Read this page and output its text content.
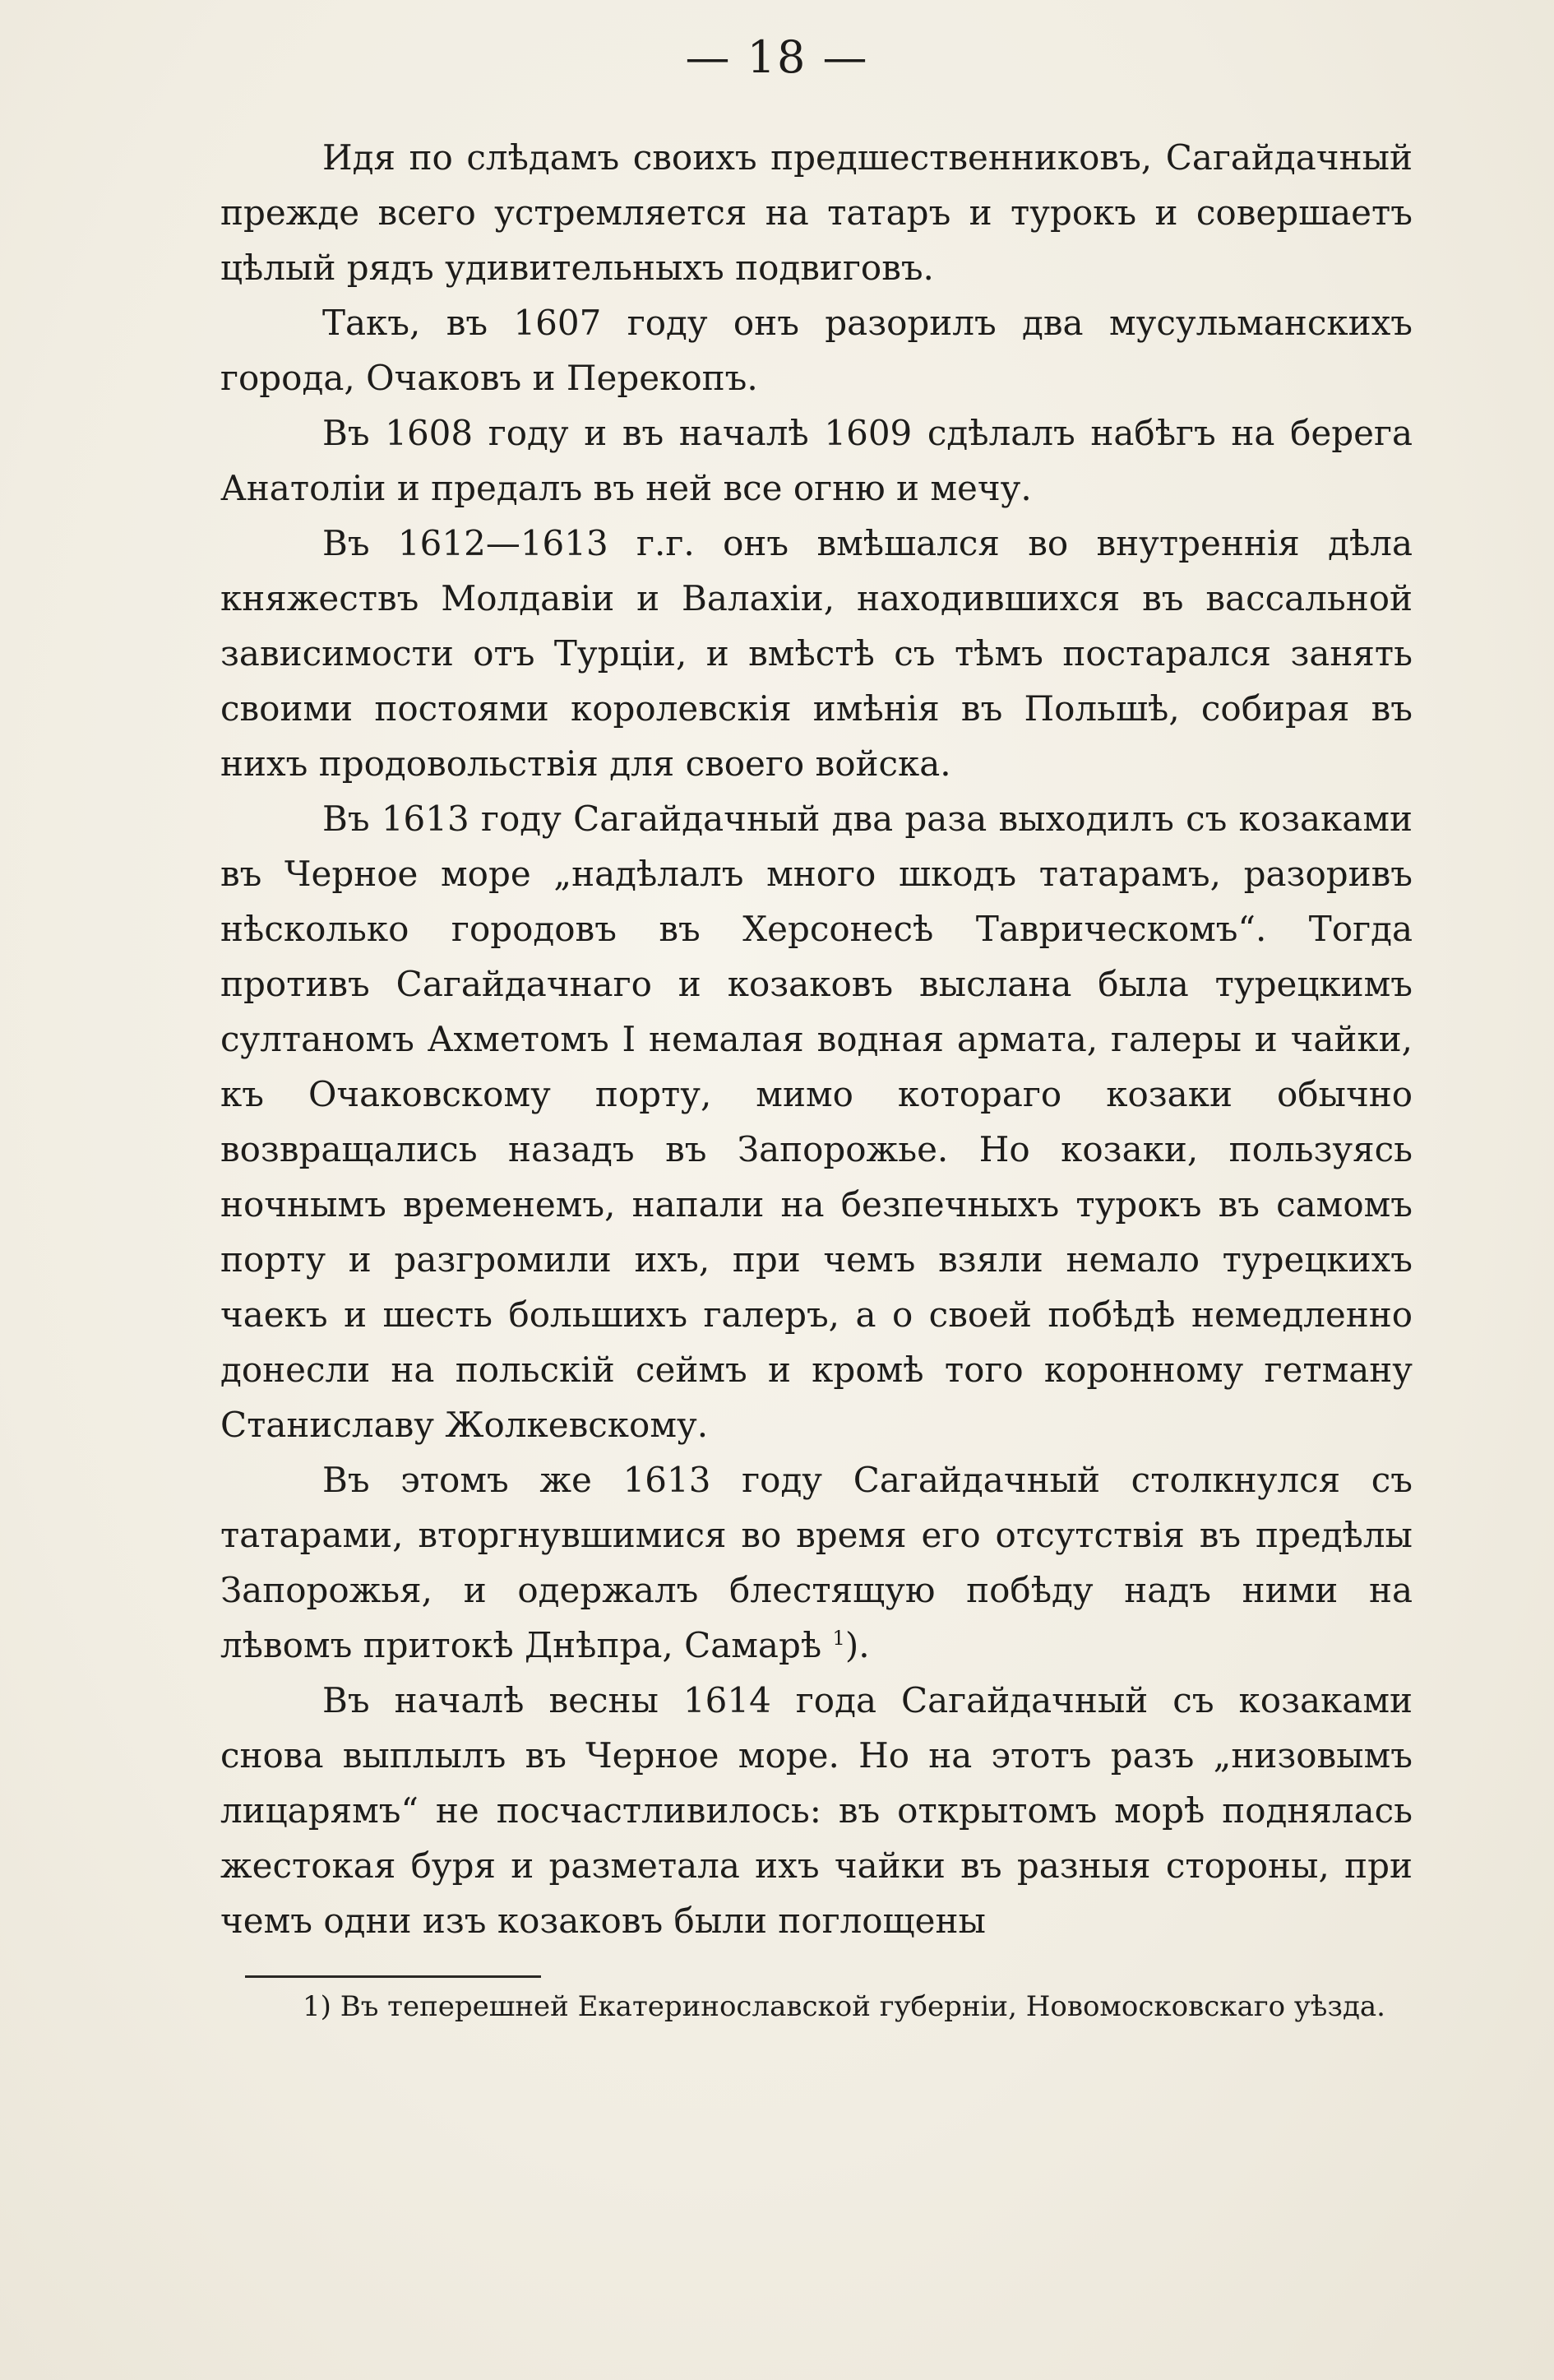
— 18 —

Идя по слѣдамъ своихъ предшественниковъ, Сагайдачный прежде всего устремляется на татаръ и турокъ и совершаетъ цѣлый рядъ удивительныхъ подвиговъ.

Такъ, въ 1607 году онъ разорилъ два мусульманскихъ города, Очаковъ и Перекопъ.

Въ 1608 году и въ началѣ 1609 сдѣлалъ набѣгъ на берега Анатоліи и предалъ въ ней все огню и мечу.

Въ 1612—1613 г.г. онъ вмѣшался во внутреннія дѣла княжествъ Молдавіи и Валахіи, находившихся въ вассальной зависимости отъ Турціи, и вмѣстѣ съ тѣмъ постарался занять своими постоями королевскія имѣнія въ Польшѣ, собирая въ нихъ продовольствія для своего войска.

Въ 1613 году Сагайдачный два раза выходилъ съ козаками въ Черное море „надѣлалъ много шкодъ татарамъ, разоривъ нѣсколько городовъ въ Херсонесѣ Таврическомъ“. Тогда противъ Сагайдачнаго и козаковъ выслана была турецкимъ султаномъ Ахметомъ I немалая водная армата, галеры и чайки, къ Очаковскому порту, мимо котораго козаки обычно возвращались назадъ въ Запорожье. Но козаки, пользуясь ночнымъ временемъ, напали на безпечныхъ турокъ въ самомъ порту и разгромили ихъ, при чемъ взяли немало турецкихъ чаекъ и шесть большихъ галеръ, а о своей побѣдѣ немедленно донесли на польскій сеймъ и кромѣ того коронному гетману Станиславу Жолкевскому.

Въ этомъ же 1613 году Сагайдачный столкнулся съ татарами, вторгнувшимися во время его отсутствія въ предѣлы Запорожья, и одержалъ блестящую побѣду надъ ними на лѣвомъ притокѣ Днѣпра, Самарѣ $^1$).

Въ началѣ весны 1614 года Сагайдачный съ козаками снова выплылъ въ Черное море. Но на этотъ разъ „низовымъ лицарямъ“ не посчастливилось: въ открытомъ морѣ поднялась жестокая буря и разметала ихъ чайки въ разныя стороны, при чемъ одни изъ козаковъ были поглощены

1) Въ теперешней Екатеринославской губерніи, Новомосковскаго уѣзда.
